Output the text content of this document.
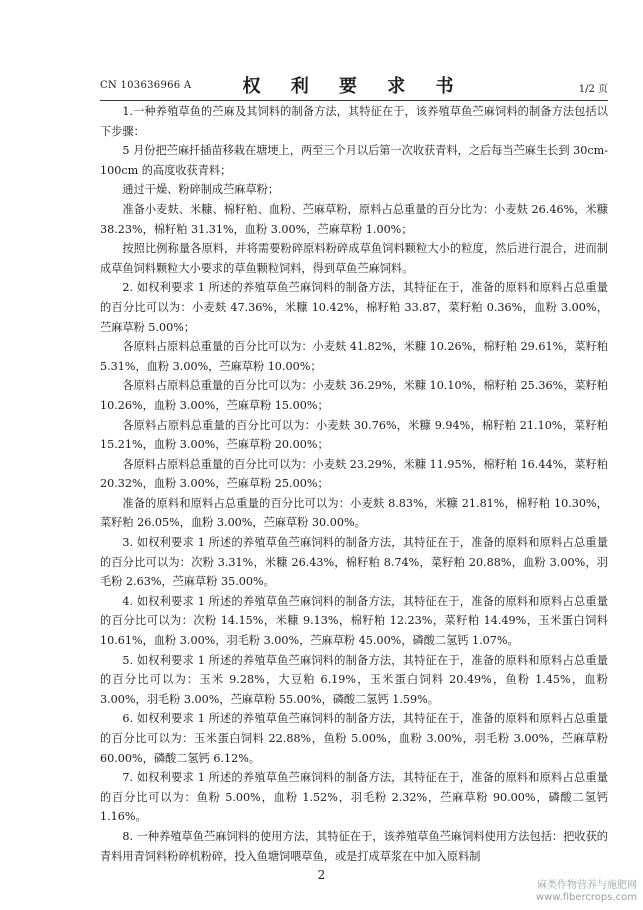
CN 103636966 A	权 利 要 求 书	1/2 页

1.一种养殖草鱼的苎麻及其饲料的制备方法，其特征在于，该养殖草鱼苎麻饲料的制备方法包括以下步骤：

5 月份把苎麻扦插苗移栽在塘埂上，两至三个月以后第一次收获青料，之后每当苎麻生长到 30cm-100cm 的高度收获青料；

通过干燥、粉碎制成苎麻草粉；

准备小麦麸、米糠、棉籽粕、血粉、苎麻草粉，原料占总重量的百分比为：小麦麸 26.46%，米糠 38.23%，棉籽粕 31.31%，血粉 3.00%，苎麻草粉 1.00%；

按照比例称量各原料，并将需要粉碎原料粉碎成草鱼饲料颗粒大小的粒度，然后进行混合，进而制成草鱼饲料颗粒大小要求的草鱼颗粒饲料，得到草鱼苎麻饲料。

2. 如权利要求 1 所述的养殖草鱼苎麻饲料的制备方法，其特征在于，准备的原料和原料占总重量的百分比可以为：小麦麸 47.36%，米糠 10.42%，棉籽粕 33.87，菜籽粕 0.36%，血粉 3.00%，苎麻草粉 5.00%；

各原料占原料总重量的百分比可以为：小麦麸 41.82%，米糠 10.26%，棉籽粕 29.61%，菜籽粕 5.31%，血粉 3.00%，苎麻草粉 10.00%；

各原料占原料总重量的百分比可以为：小麦麸 36.29%，米糠 10.10%，棉籽粕 25.36%，菜籽粕 10.26%，血粉 3.00%，苎麻草粉 15.00%；

各原料占原料总重量的百分比可以为：小麦麸 30.76%，米糠 9.94%，棉籽粕 21.10%，菜籽粕 15.21%，血粉 3.00%，苎麻草粉 20.00%；

各原料占原料总重量的百分比可以为：小麦麸 23.29%，米糠 11.95%，棉籽粕 16.44%，菜籽粕 20.32%，血粉 3.00%，苎麻草粉 25.00%；

准备的原料和原料占总重量的百分比可以为：小麦麸 8.83%，米糠 21.81%，棉籽粕 10.30%，菜籽粕 26.05%，血粉 3.00%，苎麻草粉 30.00%。

3. 如权利要求 1 所述的养殖草鱼苎麻饲料的制备方法，其特征在于，准备的原料和原料占总重量的百分比可以为：次粉 3.31%，米糠 26.43%，棉籽粕 8.74%，菜籽粕 20.88%，血粉 3.00%，羽毛粉 2.63%，苎麻草粉 35.00%。

4. 如权利要求 1 所述的养殖草鱼苎麻饲料的制备方法，其特征在于，准备的原料和原料占总重量的百分比可以为：次粉 14.15%，米糠 9.13%，棉籽粕 12.23%，菜籽粕 14.49%，玉米蛋白饲料 10.61%，血粉 3.00%，羽毛粉 3.00%，苎麻草粉 45.00%，磷酸二氢钙 1.07%。

5. 如权利要求 1 所述的养殖草鱼苎麻饲料的制备方法，其特征在于，准备的原料和原料占总重量的百分比可以为：玉米 9.28%，大豆粕 6.19%，玉米蛋白饲料 20.49%，鱼粉 1.45%，血粉 3.00%，羽毛粉 3.00%，苎麻草粉 55.00%，磷酸二氢钙 1.59%。

6. 如权利要求 1 所述的养殖草鱼苎麻饲料的制备方法，其特征在于，准备的原料和原料占总重量的百分比可以为：玉米蛋白饲料 22.88%，鱼粉 5.00%，血粉 3.00%，羽毛粉 3.00%，苎麻草粉 60.00%，磷酸二氢钙 6.12%。

7. 如权利要求 1 所述的养殖草鱼苎麻饲料的制备方法，其特征在于，准备的原料和原料占总重量的百分比可以为：鱼粉 5.00%，血粉 1.52%，羽毛粉 2.32%，苎麻草粉 90.00%，磷酸二氢钙 1.16%。

8. 一种养殖草鱼苎麻饲料的使用方法，其特征在于，该养殖草鱼苎麻饲料使用方法包括：把收获的青料用青饲料粉碎机粉碎，投入鱼塘饲喂草鱼，或是打成草浆在中加入原料制

2
麻类作物营养与施肥网
www.fibercrops.com
